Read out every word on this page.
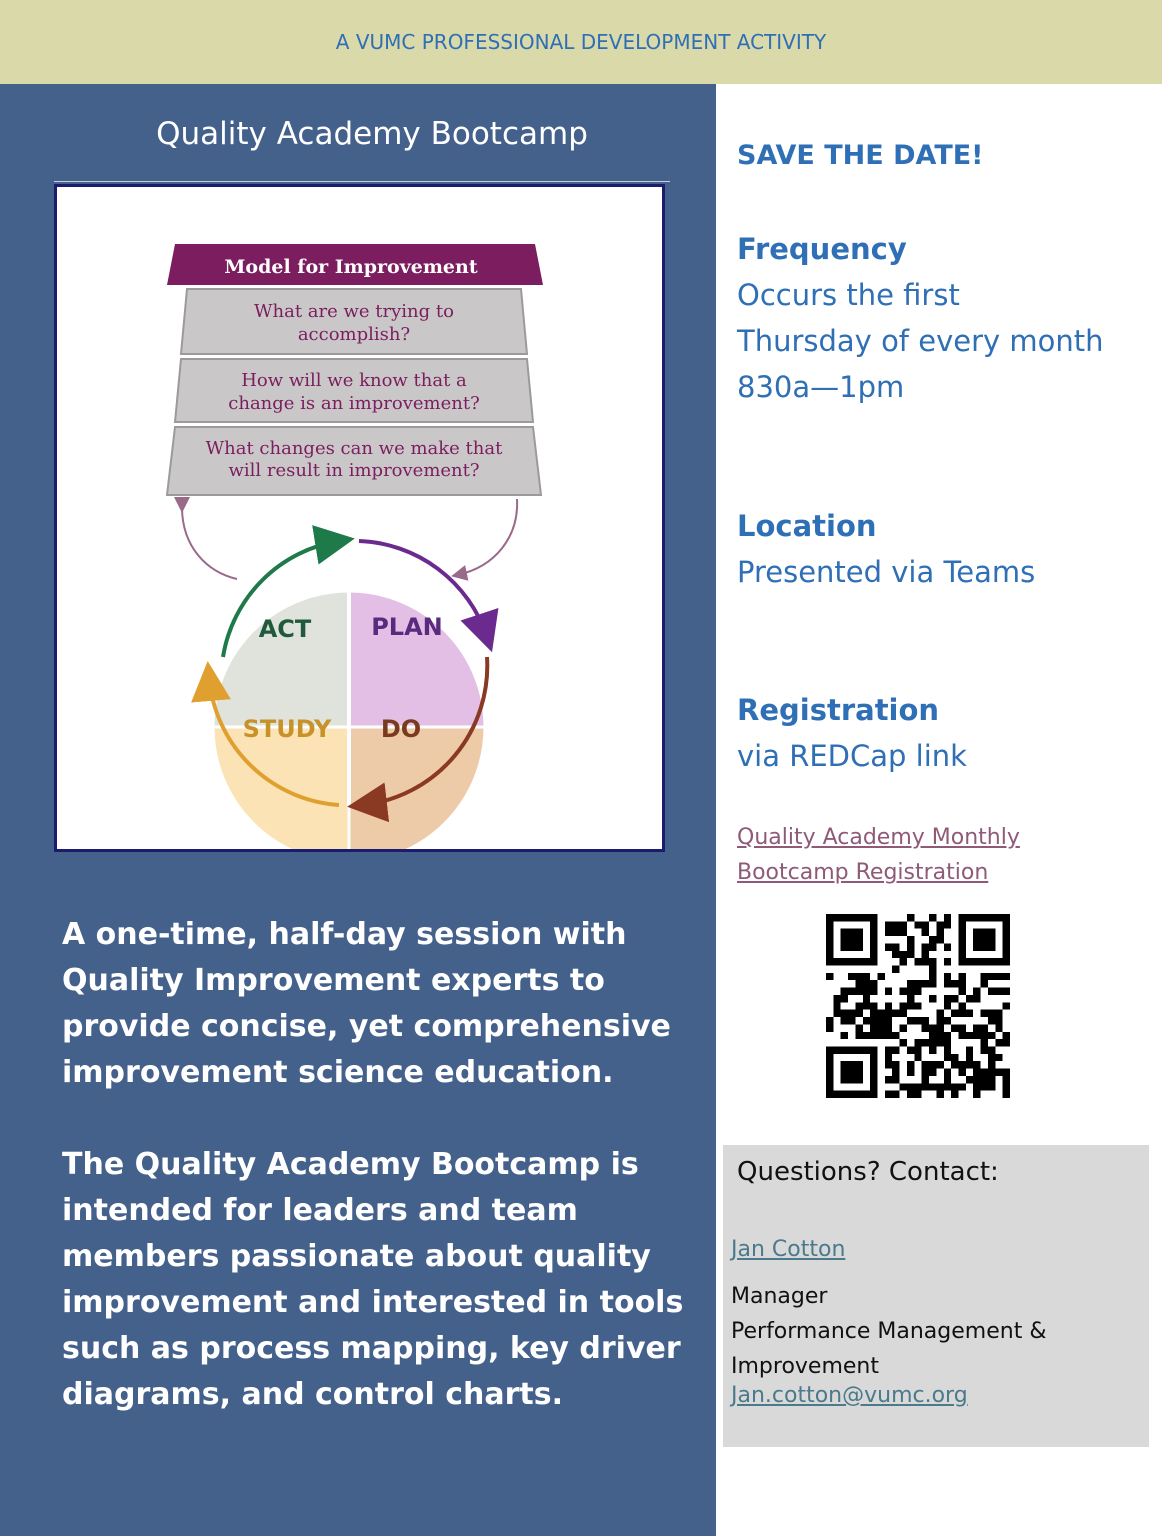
A VUMC PROFESSIONAL DEVELOPMENT ACTIVITY
Quality Academy Bootcamp
Model for Improvement
What are we trying to
accomplish?
How will we know that a
change is an improvement?
What changes can we make that
will result in improvement?
ACT PLAN
STUDY DO

A one-time, half-day session with
Quality Improvement experts to
provide concise, yet comprehensive
improvement science education.

The Quality Academy Bootcamp is
intended for leaders and team
members passionate about quality
improvement and interested in tools
such as process mapping, key driver
diagrams, and control charts.

SAVE THE DATE!
Frequency
Occurs the first
Thursday of every month
830a—1pm
Location
Presented via Teams
Registration
via REDCap link
Quality Academy Monthly
Bootcamp Registration
Questions? Contact:
Jan Cotton
Manager
Performance Management &
Improvement
Jan.cotton@vumc.org
